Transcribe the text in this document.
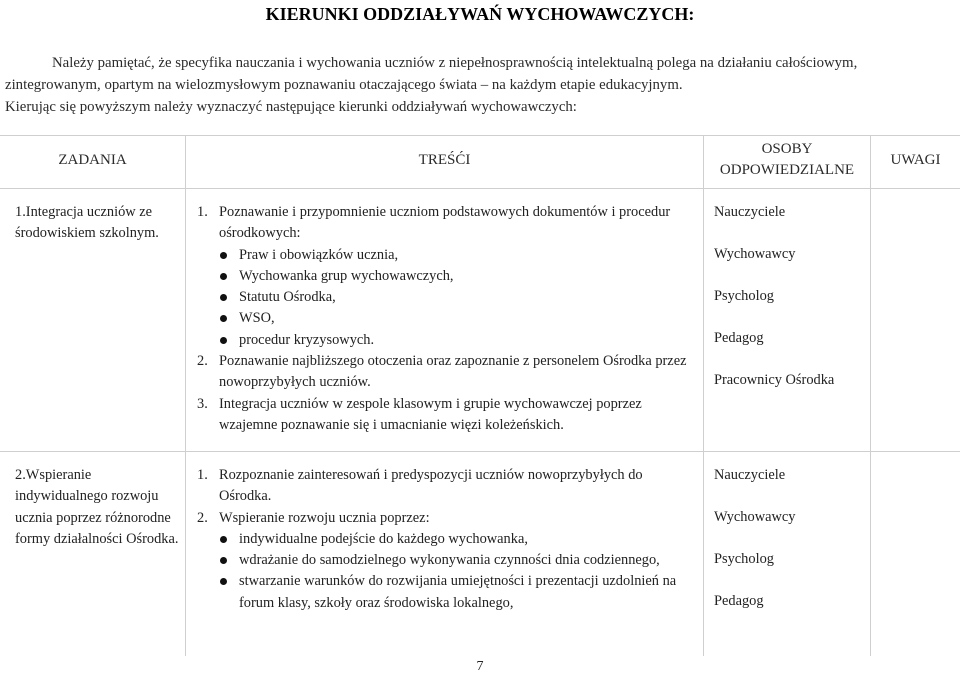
KIERUNKI ODDZIAŁYWAŃ WYCHOWAWCZYCH:

Należy pamiętać, że specyfika nauczania i wychowania uczniów z niepełnosprawnością intelektualną polega na działaniu całościowym, zintegrowanym, opartym na wielozmysłowym poznawaniu otaczającego świata – na każdym etapie edukacyjnym.

Kierując się powyższym należy wyznaczyć następujące kierunki oddziaływań wychowawczych:

ZADANIA	TREŚĆI
OSOBY
ODPOWIEDZIALNE
UWAGI
1.Integracja uczniów ze środowiskiem szkolnym.
1. Poznawanie i przypomnienie uczniom podstawowych dokumentów i procedur ośrodkowych:
Praw i obowiązków ucznia,
Wychowanka grup wychowawczych,
Statutu Ośrodka,
WSO,
procedur kryzysowych.
2. Poznawanie najbliższego otoczenia oraz zapoznanie z personelem Ośrodka przez nowoprzybyłych uczniów.
3. Integracja uczniów w zespole klasowym i grupie wychowawczej poprzez wzajemne poznawanie się i umacnianie więzi koleżeńskich.

Nauczyciele

Wychowawcy

Psycholog

Pedagog

Pracownicy Ośrodka

2.Wspieranie indywidualnego rozwoju ucznia poprzez różnorodne formy działalności Ośrodka.
1. Rozpoznanie zainteresowań i predyspozycji uczniów nowoprzybyłych do Ośrodka.
2. Wspieranie rozwoju ucznia poprzez:
indywidualne podejście do każdego wychowanka,
wdrażanie do samodzielnego wykonywania czynności dnia codziennego,
stwarzanie warunków do rozwijania umiejętności i prezentacji uzdolnień na forum klasy, szkoły oraz środowiska lokalnego,

Nauczyciele

Wychowawcy

Psycholog

Pedagog

7
